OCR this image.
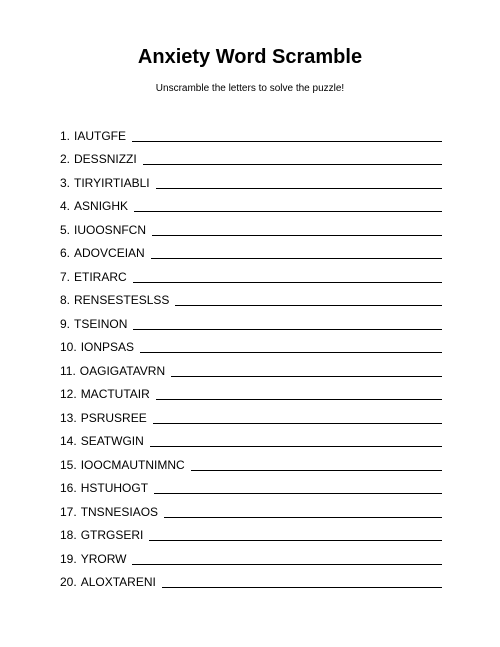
Anxiety Word Scramble
Unscramble the letters to solve the puzzle!
1. IAUTGFE
2. DESSNIZZI
3. TIRYIRTIABLI
4. ASNIGHK
5. IUOOSNFCN
6. ADOVCEIAN
7. ETIRARC
8. RENSESTESLSS
9. TSEINON
10. IONPSAS
11. OAGIGATAVRN
12. MACTUTAIR
13. PSRUSREE
14. SEATWGIN
15. IOOCMAUTNIMNC
16. HSTUHOGT
17. TNSNESIAOS
18. GTRGSERI
19. YRORW
20. ALOXTARENI
